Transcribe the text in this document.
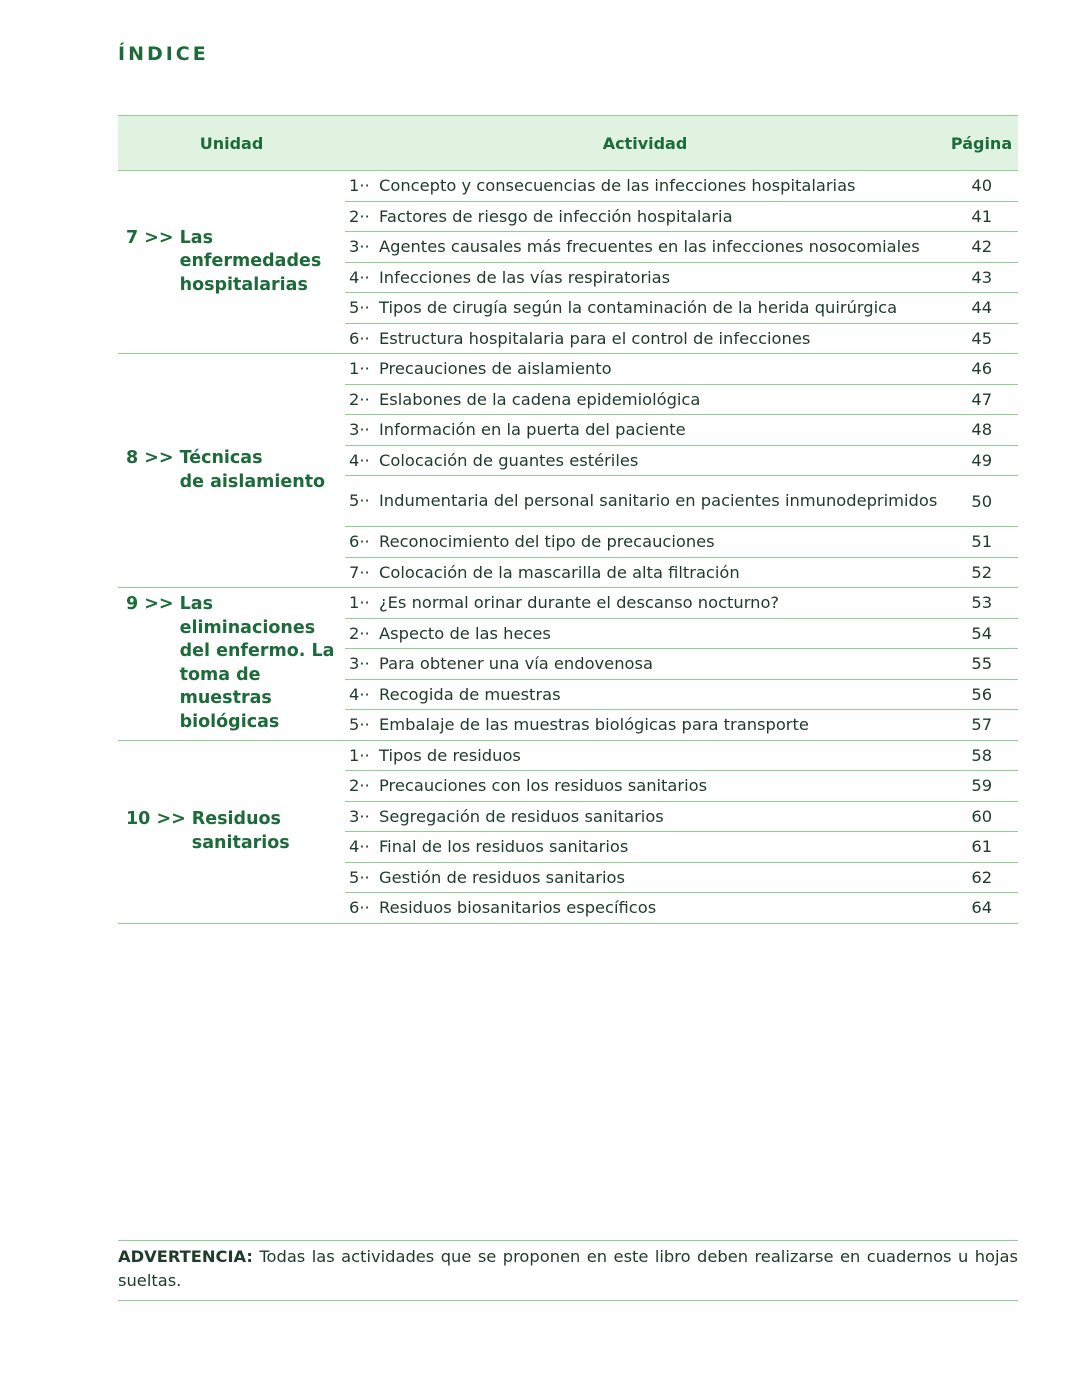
ÍNDICE
Unidad	Actividad	Página
7 >> Las
enfermedades
hospitalarias
1·· Concepto y consecuencias de las infecciones hospitalarias	40
2·· Factores de riesgo de infección hospitalaria	41
3·· Agentes causales más frecuentes en las infecciones nosocomiales	42
4·· Infecciones de las vías respiratorias	43
5·· Tipos de cirugía según la contaminación de la herida quirúrgica	44
6·· Estructura hospitalaria para el control de infecciones	45
8 >> Técnicas
de aislamiento
1·· Precauciones de aislamiento	46
2·· Eslabones de la cadena epidemiológica	47
3·· Información en la puerta del paciente	48
4·· Colocación de guantes estériles	49
5·· Indumentaria del personal sanitario en pacientes inmunodeprimidos	50
6·· Reconocimiento del tipo de precauciones	51
7·· Colocación de la mascarilla de alta filtración	52
9 >> Las eliminaciones
del enfermo. La
toma de muestras
biológicas
1·· ¿Es normal orinar durante el descanso nocturno?	53
2·· Aspecto de las heces	54
3·· Para obtener una vía endovenosa	55
4·· Recogida de muestras	56
5·· Embalaje de las muestras biológicas para transporte	57
10 >> Residuos
sanitarios
1·· Tipos de residuos	58
2·· Precauciones con los residuos sanitarios	59
3·· Segregación de residuos sanitarios	60
4·· Final de los residuos sanitarios	61
5·· Gestión de residuos sanitarios	62
6·· Residuos biosanitarios específicos	64
ADVERTENCIA: Todas las actividades que se proponen en este libro deben realizarse en cuadernos u hojas sueltas.
